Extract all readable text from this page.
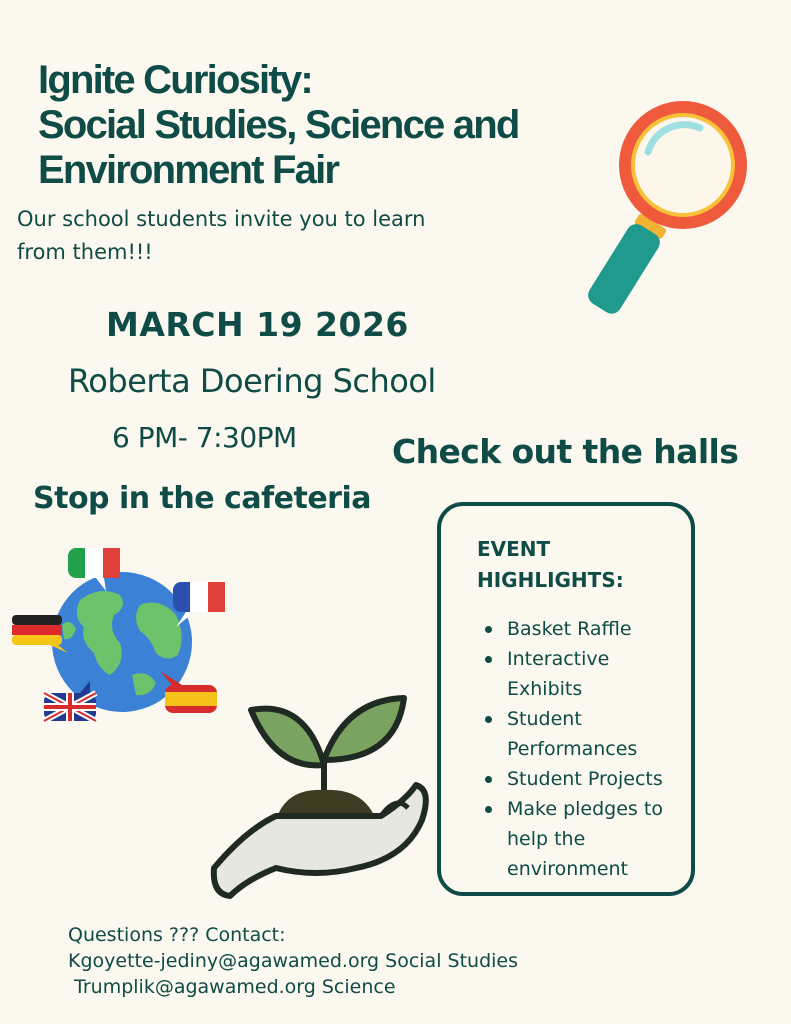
Ignite Curiosity:
Social Studies, Science and
Environment Fair
Our school students invite you to learn
from them!!!
MARCH 19 2026
Roberta Doering School
6 PM- 7:30PM	Check out the halls
Stop in the cafeteria
EVENT
HIGHLIGHTS:
Basket Raffle
Interactive Exhibits
Student Performances
Student Projects
Make pledges to help the environment
Questions ??? Contact:
Kgoyette-jediny@agawamed.org Social Studies
Trumplik@agawamed.org Science
